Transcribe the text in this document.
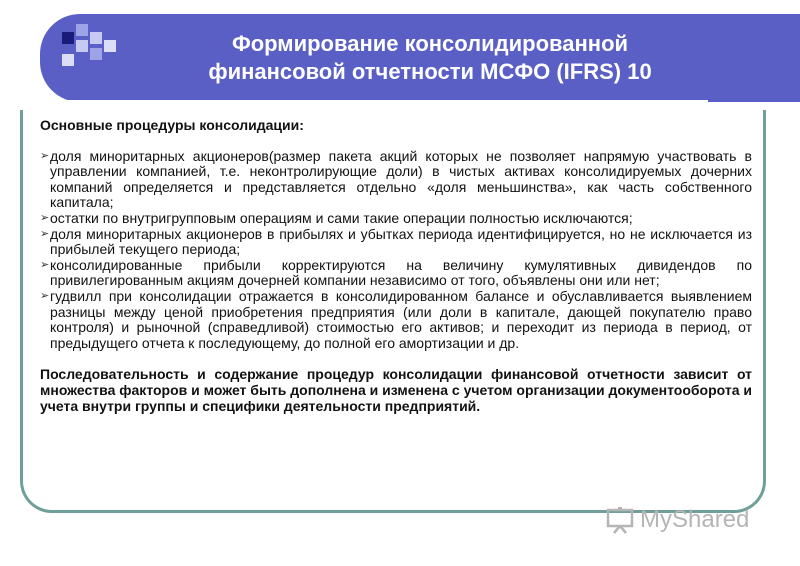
Формирование консолидированной
финансовой отчетности МСФО (IFRS) 10

Основные процедуры консолидации:

➢ доля миноритарных акционеров(размер пакета акций которых не позволяет напрямую участвовать в управлении компанией, т.е. неконтролирующие доли) в чистых активах консолидируемых дочерних компаний определяется и представляется отдельно «доля меньшинства», как часть собственного капитала;

➢ остатки по внутригрупповым операциям и сами такие операции полностью исключаются;

➢ доля миноритарных акционеров в прибылях и убытках периода идентифицируется, но не исключается из прибылей текущего периода;

➢ консолидированные прибыли корректируются на величину кумулятивных дивидендов по привилегированным акциям дочерней компании независимо от того, объявлены они или нет;

➢ гудвилл при консолидации отражается в консолидированном балансе и обуславливается выявлением разницы между ценой приобретения предприятия (или доли в капитале, дающей покупателю право контроля) и рыночной (справедливой) стоимостью его активов; и переходит из периода в период, от предыдущего отчета к последующему, до полной его амортизации и др.

Последовательность и содержание процедур консолидации финансовой отчетности зависит от множества факторов и может быть дополнена и изменена с учетом организации документооборота и учета внутри группы и специфики деятельности предприятий.

MyShared
